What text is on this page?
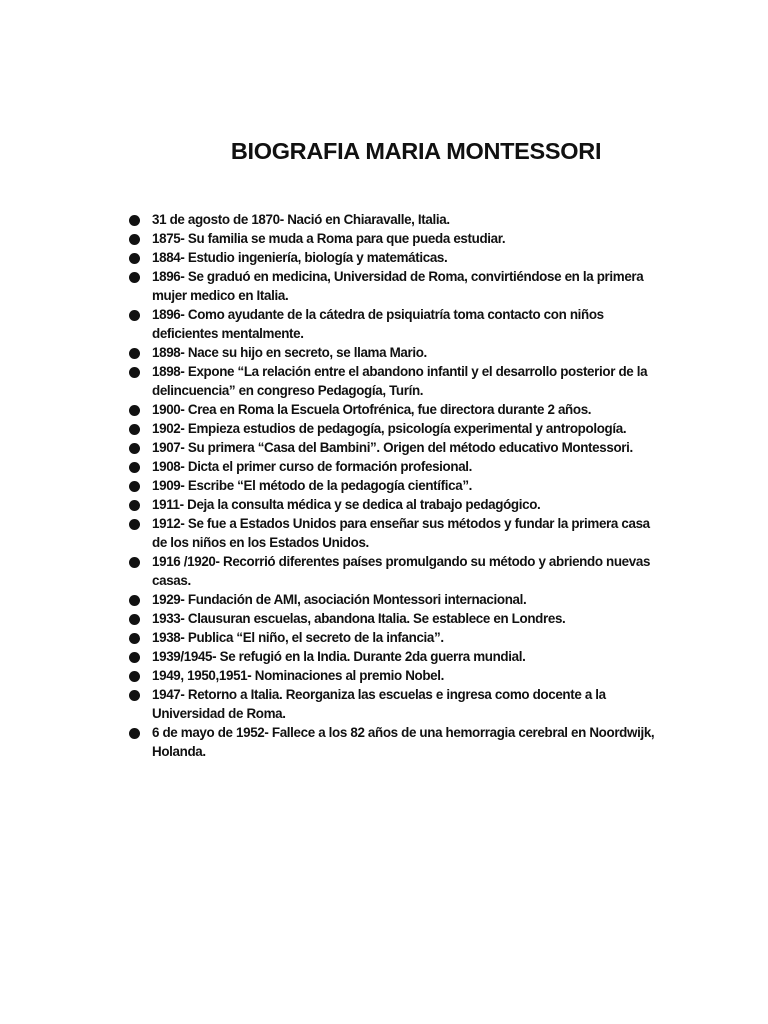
BIOGRAFIA MARIA MONTESSORI
31 de agosto de 1870- Nació en Chiaravalle, Italia.
1875- Su familia se muda a Roma para que pueda estudiar.
1884- Estudio ingeniería, biología y matemáticas.
1896- Se graduó en medicina, Universidad de Roma, convirtiéndose en la primera mujer medico en Italia.
1896- Como ayudante de la cátedra de psiquiatría toma contacto con niños deficientes mentalmente.
1898- Nace su hijo en secreto, se llama Mario.
1898- Expone “La relación entre el abandono infantil y el desarrollo posterior de la delincuencia” en congreso Pedagogía, Turín.
1900- Crea en Roma la Escuela Ortofrénica, fue directora durante 2 años.
1902- Empieza estudios de pedagogía, psicología experimental y antropología.
1907- Su primera “Casa del Bambini”. Origen del método educativo Montessori.
1908- Dicta el primer curso de formación profesional.
1909- Escribe “El método de la pedagogía científica”.
1911- Deja la consulta médica y se dedica al trabajo pedagógico.
1912- Se fue a Estados Unidos para enseñar sus métodos y fundar la primera casa de los niños en los Estados Unidos.
1916 /1920- Recorrió diferentes países promulgando su método y abriendo nuevas casas.
1929- Fundación de AMI, asociación Montessori internacional.
1933- Clausuran escuelas, abandona Italia. Se establece en Londres.
1938- Publica “El niño, el secreto de la infancia”.
1939/1945- Se refugió en la India. Durante 2da guerra mundial.
1949, 1950,1951- Nominaciones al premio Nobel.
1947- Retorno a Italia. Reorganiza las escuelas e ingresa como docente a la Universidad de Roma.
6 de mayo de 1952- Fallece a los 82 años de una hemorragia cerebral en Noordwijk, Holanda.
